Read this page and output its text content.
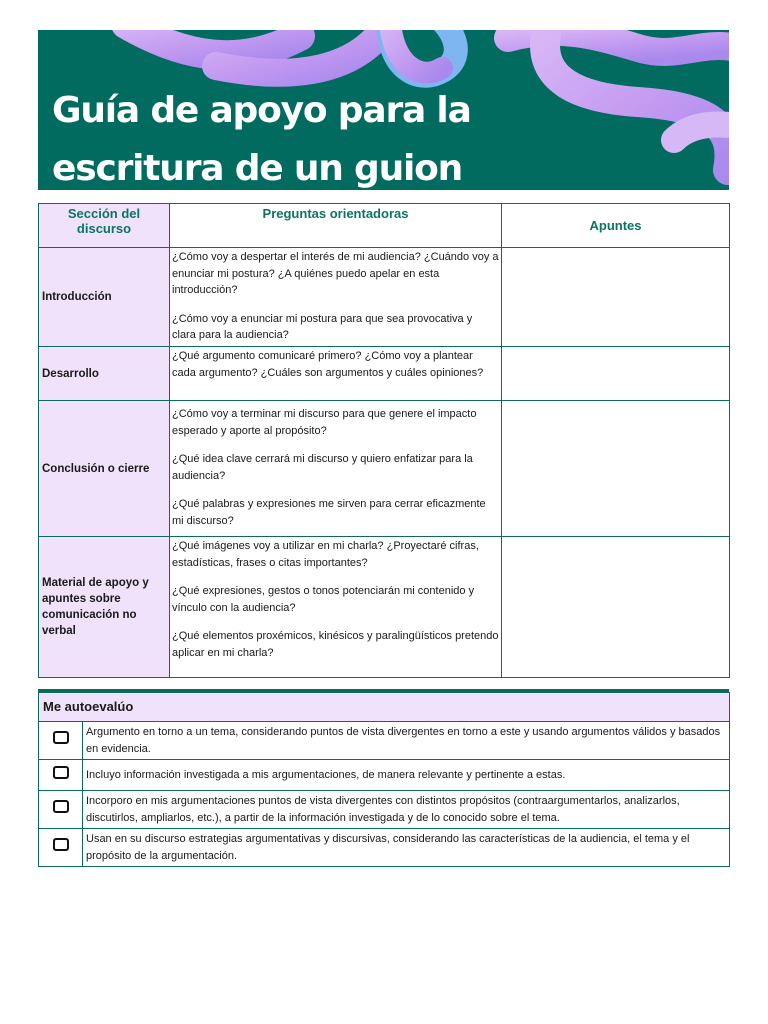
Guía de apoyo para la
escritura de un guion
Sección del discurso	Preguntas orientadoras	Apuntes
Introducción	¿Cómo voy a despertar el interés de mi audiencia? ¿Cuándo voy a enunciar mi postura? ¿A quiénes puedo apelar en esta introducción?

¿Cómo voy a enunciar mi postura para que sea provocativa y clara para la audiencia?	

Desarrollo	¿Qué argumento comunicaré primero? ¿Cómo voy a plantear cada argumento? ¿Cuáles son argumentos y cuáles opiniones?	

Conclusión o cierre	¿Cómo voy a terminar mi discurso para que genere el impacto esperado y aporte al propósito?

¿Qué idea clave cerrará mi discurso y quiero enfatizar para la audiencia?

¿Qué palabras y expresiones me sirven para cerrar eficazmente mi discurso?	

Material de apoyo y apuntes sobre comunicación no verbal	¿Qué imágenes voy a utilizar en mi charla? ¿Proyectaré cifras, estadísticas, frases o citas importantes?

¿Qué expresiones, gestos o tonos potenciarán mi contenido y vínculo con la audiencia?

¿Qué elementos proxémicos, kinésicos y paralingüísticos pretendo aplicar en mi charla?	

Me autoevalúo	
	Argumento en torno a un tema, considerando puntos de vista divergentes en torno a este y usando argumentos válidos y basados en evidencia.
	Incluyo información investigada a mis argumentaciones, de manera relevante y pertinente a estas.
	Incorporo en mis argumentaciones puntos de vista divergentes con distintos propósitos (contraargumentarlos, analizarlos, discutirlos, ampliarlos, etc.), a partir de la información investigada y de lo conocido sobre el tema.
	Usan en su discurso estrategias argumentativas y discursivas, considerando las características de la audiencia, el tema y el propósito de la argumentación.
